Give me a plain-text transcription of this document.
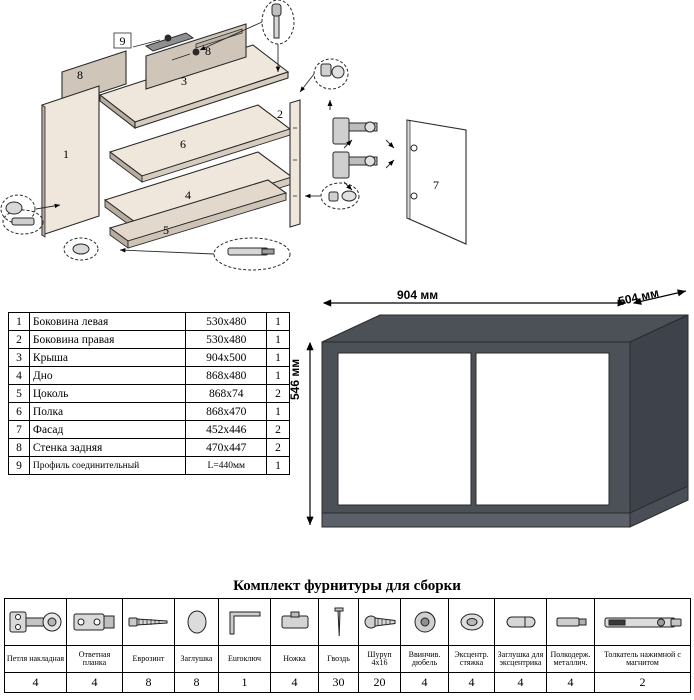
9
8
8
3
2
1
6
4
5
7
1	Боковина левая	530х480	1
2	Боковина правая	530х480	1
3	Крыша	904х500	1
4	Дно	868х480	1
5	Цоколь	868х74	2
6	Полка	868х470	1
7	Фасад	452х446	2
8	Стенка задняя	470х447	2
9	Профиль соединительный	L=440мм	1
904 мм	504 мм
546 мм
Комплект фурнитуры для сборки

Петля накладная	Ответная планка	Еврозинт	Заглушка	Euroключ	Ножка	Гвоздь	Шуруп 4х16	Ввинчив. дюбель	Эксцентр. стяжка	Заглушка для эксцентрика	Полкодерж. металлич.	Толкатель нажимной с магнитом
4	4	8	8	1	4	30	20	4	4	4	4	2
